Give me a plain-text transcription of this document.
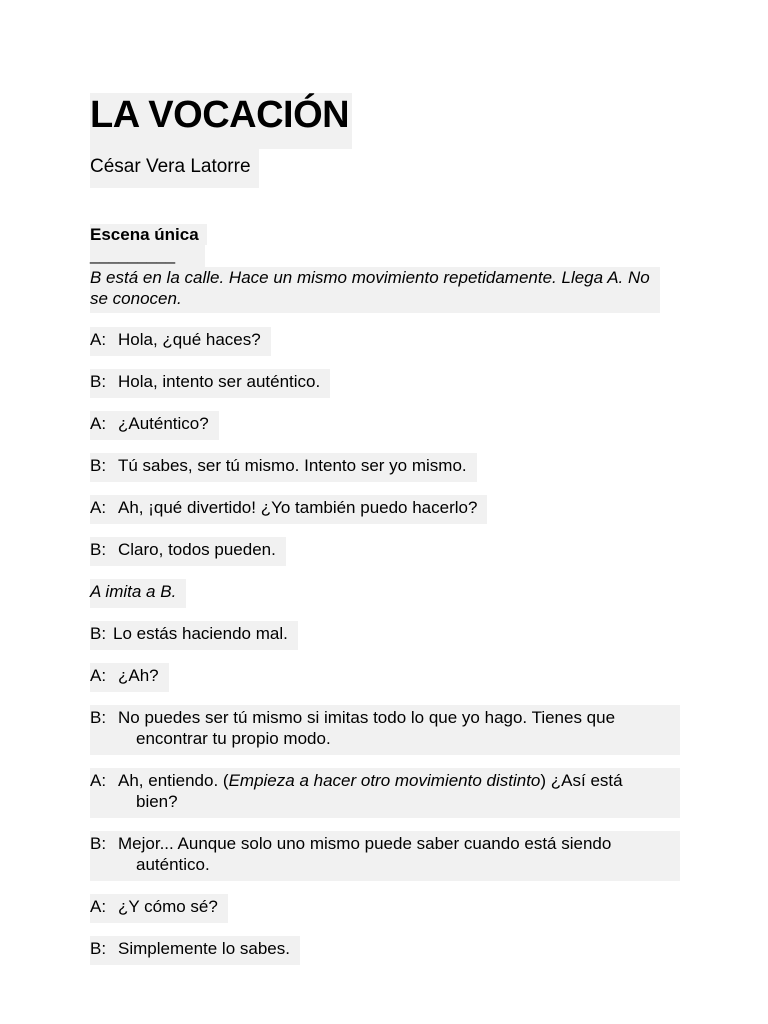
LA VOCACIÓN
César Vera Latorre
Escena única
_________
B está en la calle. Hace un mismo movimiento repetidamente. Llega A. No se conocen.
A: Hola, ¿qué haces?
B: Hola, intento ser auténtico.
A: ¿Auténtico?
B: Tú sabes, ser tú mismo. Intento ser yo mismo.
A: Ah, ¡qué divertido! ¿Yo también puedo hacerlo?
B: Claro, todos pueden.
A imita a B.
B: Lo estás haciendo mal.
A: ¿Ah?
B: No puedes ser tú mismo si imitas todo lo que yo hago. Tienes que
encontrar tu propio modo.
A: Ah, entiendo. (Empieza a hacer otro movimiento distinto) ¿Así está
bien?
B: Mejor... Aunque solo uno mismo puede saber cuando está siendo
auténtico.
A: ¿Y cómo sé?
B: Simplemente lo sabes.
